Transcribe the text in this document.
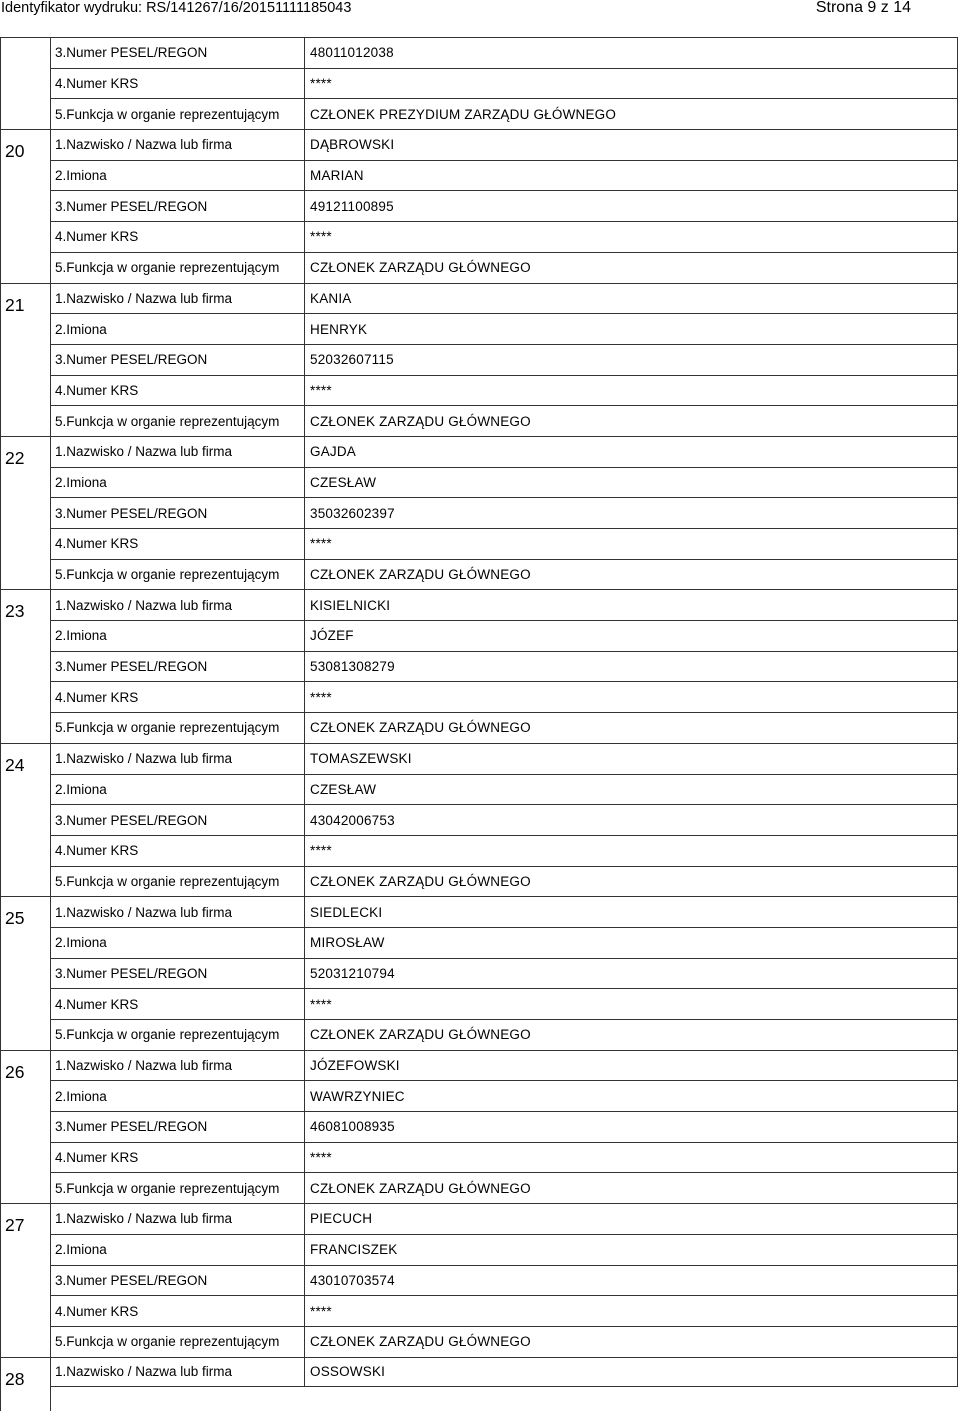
Identyfikator wydruku: RS/141267/16/20151111185043	Strona 9 z 14
3.Numer PESEL/REGON	48011012038
4.Numer KRS	****
5.Funkcja w organie reprezentującym	CZŁONEK PREZYDIUM ZARZĄDU GŁÓWNEGO
20	1.Nazwisko / Nazwa lub firma	DĄBROWSKI
2.Imiona	MARIAN
3.Numer PESEL/REGON	49121100895
4.Numer KRS	****
5.Funkcja w organie reprezentującym	CZŁONEK ZARZĄDU GŁÓWNEGO
21	1.Nazwisko / Nazwa lub firma	KANIA
2.Imiona	HENRYK
3.Numer PESEL/REGON	52032607115
4.Numer KRS	****
5.Funkcja w organie reprezentującym	CZŁONEK ZARZĄDU GŁÓWNEGO
22	1.Nazwisko / Nazwa lub firma	GAJDA
2.Imiona	CZESŁAW
3.Numer PESEL/REGON	35032602397
4.Numer KRS	****
5.Funkcja w organie reprezentującym	CZŁONEK ZARZĄDU GŁÓWNEGO
23	1.Nazwisko / Nazwa lub firma	KISIELNICKI
2.Imiona	JÓZEF
3.Numer PESEL/REGON	53081308279
4.Numer KRS	****
5.Funkcja w organie reprezentującym	CZŁONEK ZARZĄDU GŁÓWNEGO
24	1.Nazwisko / Nazwa lub firma	TOMASZEWSKI
2.Imiona	CZESŁAW
3.Numer PESEL/REGON	43042006753
4.Numer KRS	****
5.Funkcja w organie reprezentującym	CZŁONEK ZARZĄDU GŁÓWNEGO
25	1.Nazwisko / Nazwa lub firma	SIEDLECKI
2.Imiona	MIROSŁAW
3.Numer PESEL/REGON	52031210794
4.Numer KRS	****
5.Funkcja w organie reprezentującym	CZŁONEK ZARZĄDU GŁÓWNEGO
26	1.Nazwisko / Nazwa lub firma	JÓZEFOWSKI
2.Imiona	WAWRZYNIEC
3.Numer PESEL/REGON	46081008935
4.Numer KRS	****
5.Funkcja w organie reprezentującym	CZŁONEK ZARZĄDU GŁÓWNEGO
27	1.Nazwisko / Nazwa lub firma	PIECUCH
2.Imiona	FRANCISZEK
3.Numer PESEL/REGON	43010703574
4.Numer KRS	****
5.Funkcja w organie reprezentującym	CZŁONEK ZARZĄDU GŁÓWNEGO
28	1.Nazwisko / Nazwa lub firma	OSSOWSKI
